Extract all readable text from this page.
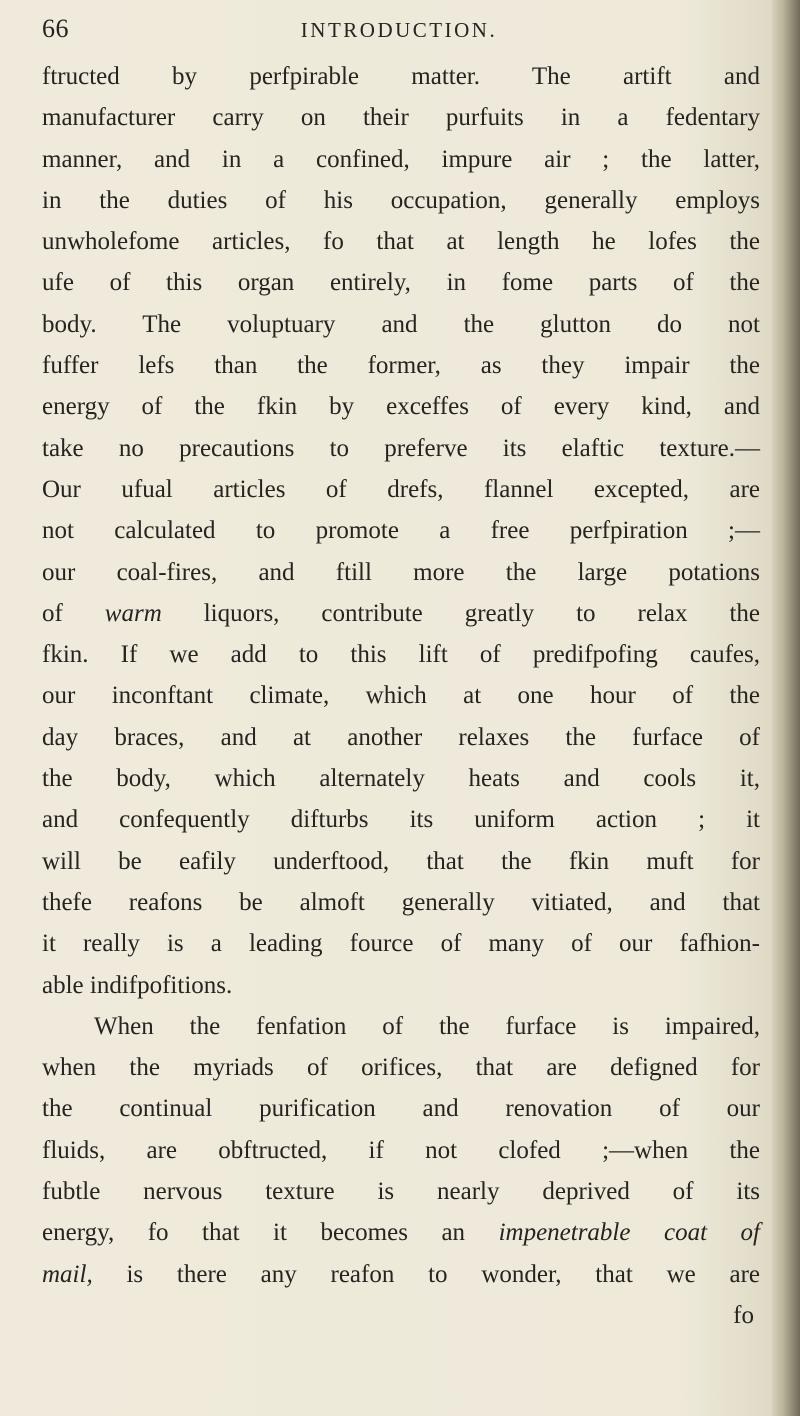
66	INTRODUCTION.
ftructed by perfpirable matter. The artift and
manufacturer carry on their purfuits in a fedentary
manner, and in a confined, impure air ; the latter,
in the duties of his occupation, generally employs
unwholefome articles, fo that at length he lofes the
ufe of this organ entirely, in fome parts of the
body. The voluptuary and the glutton do not
fuffer lefs than the former, as they impair the
energy of the fkin by exceffes of every kind, and
take no precautions to preferve its elaftic texture.—
Our ufual articles of drefs, flannel excepted, are
not calculated to promote a free perfpiration ;—
our coal-fires, and ftill more the large potations
of warm liquors, contribute greatly to relax the
fkin. If we add to this lift of predifpofing caufes,
our inconftant climate, which at one hour of the
day braces, and at another relaxes the furface of
the body, which alternately heats and cools it,
and confequently difturbs its uniform action ; it
will be eafily underftood, that the fkin muft for
thefe reafons be almoft generally vitiated, and that
it really is a leading fource of many of our fafhion-
able indifpofitions.
When the fenfation of the furface is impaired,
when the myriads of orifices, that are defigned for
the continual purification and renovation of our
fluids, are obftructed, if not clofed ;—when the
fubtle nervous texture is nearly deprived of its
energy, fo that it becomes an impenetrable coat of
mail, is there any reafon to wonder, that we are
fo
